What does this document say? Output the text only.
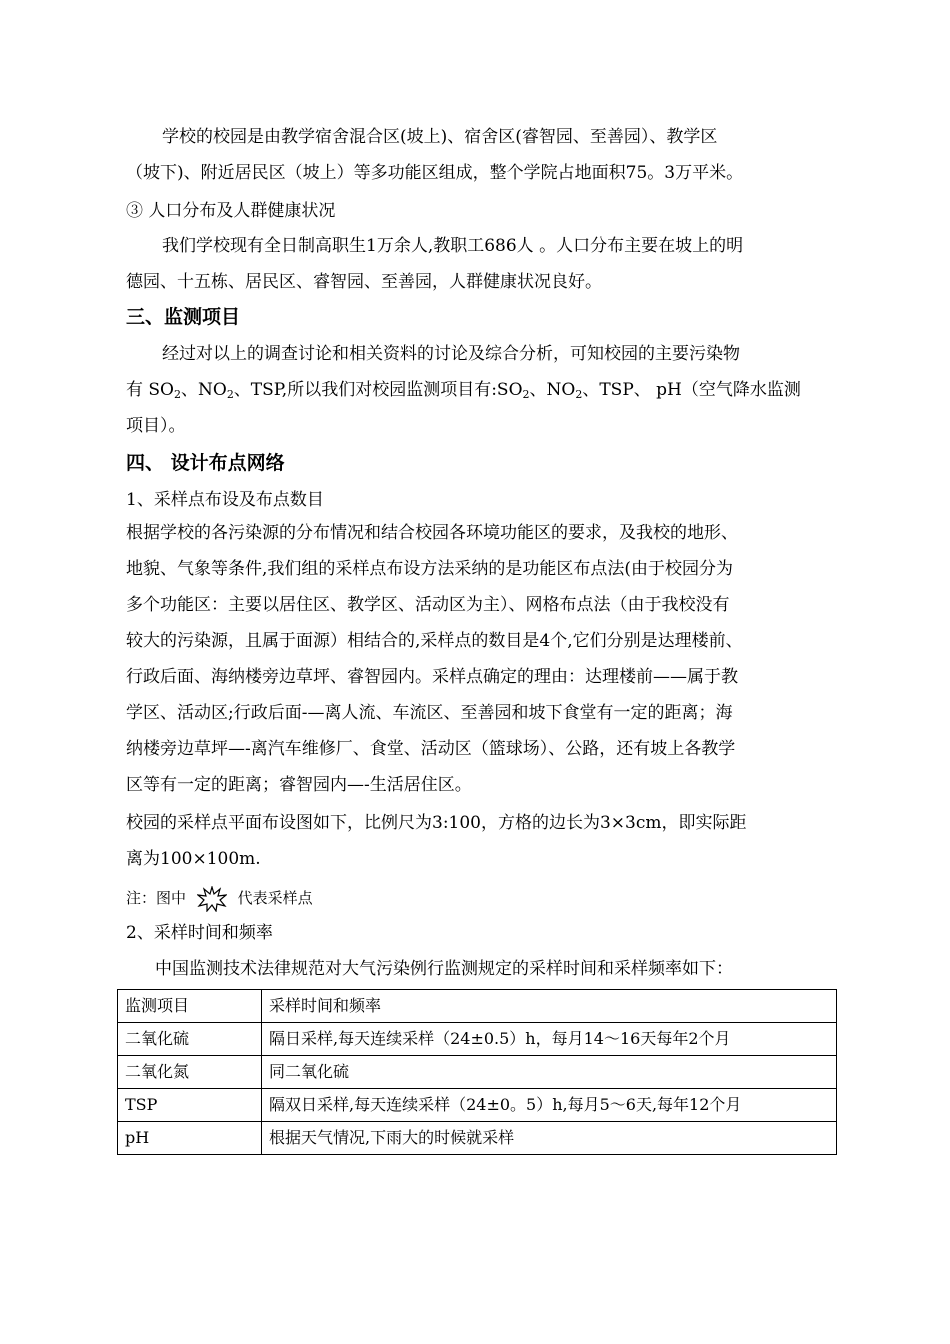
学校的校园是由教学宿舍混合区(坡上)、宿舍区(睿智园、至善园）、教学区
（坡下)、附近居民区（坡上）等多功能区组成，整个学院占地面积75。3万平米。
③ 人口分布及人群健康状况
我们学校现有全日制高职生1万余人,教职工686人 。人口分布主要在坡上的明
德园、十五栋、居民区、睿智园、至善园，人群健康状况良好。
三、监测项目
经过对以上的调查讨论和相关资料的讨论及综合分析，可知校园的主要污染物
有 $SO_2$、$NO_2$、TSP,所以我们对校园监测项目有$:SO_2$、$NO_2$、TSP、 pH（空气降水监测
项目）。
四、 设计布点网络
1、采样点布设及布点数目
根据学校的各污染源的分布情况和结合校园各环境功能区的要求，及我校的地形、
地貌、气象等条件,我们组的采样点布设方法采纳的是功能区布点法(由于校园分为
多个功能区：主要以居住区、教学区、活动区为主）、网格布点法（由于我校没有
较大的污染源，且属于面源）相结合的,采样点的数目是4个,它们分别是达理楼前、
行政后面、海纳楼旁边草坪、睿智园内。采样点确定的理由：达理楼前——属于教
学区、活动区;行政后面-—离人流、车流区、至善园和坡下食堂有一定的距离；海
纳楼旁边草坪—-离汽车维修厂、食堂、活动区（篮球场）、公路，还有坡上各教学
区等有一定的距离；睿智园内—-生活居住区。
校园的采样点平面布设图如下，比例尺为3:100，方格的边长为3×3cm，即实际距
离为100×100m.
注：图中	代表采样点
2、采样时间和频率
中国监测技术法律规范对大气污染例行监测规定的采样时间和采样频率如下：
监测项目	采样时间和频率
二氧化硫	隔日采样,每天连续采样（24±0.5）h，每月14～16天每年2个月
二氧化氮	同二氧化硫
TSP	隔双日采样,每天连续采样（24±0。5）h,每月5～6天,每年12个月
pH	根据天气情况,下雨大的时候就采样
